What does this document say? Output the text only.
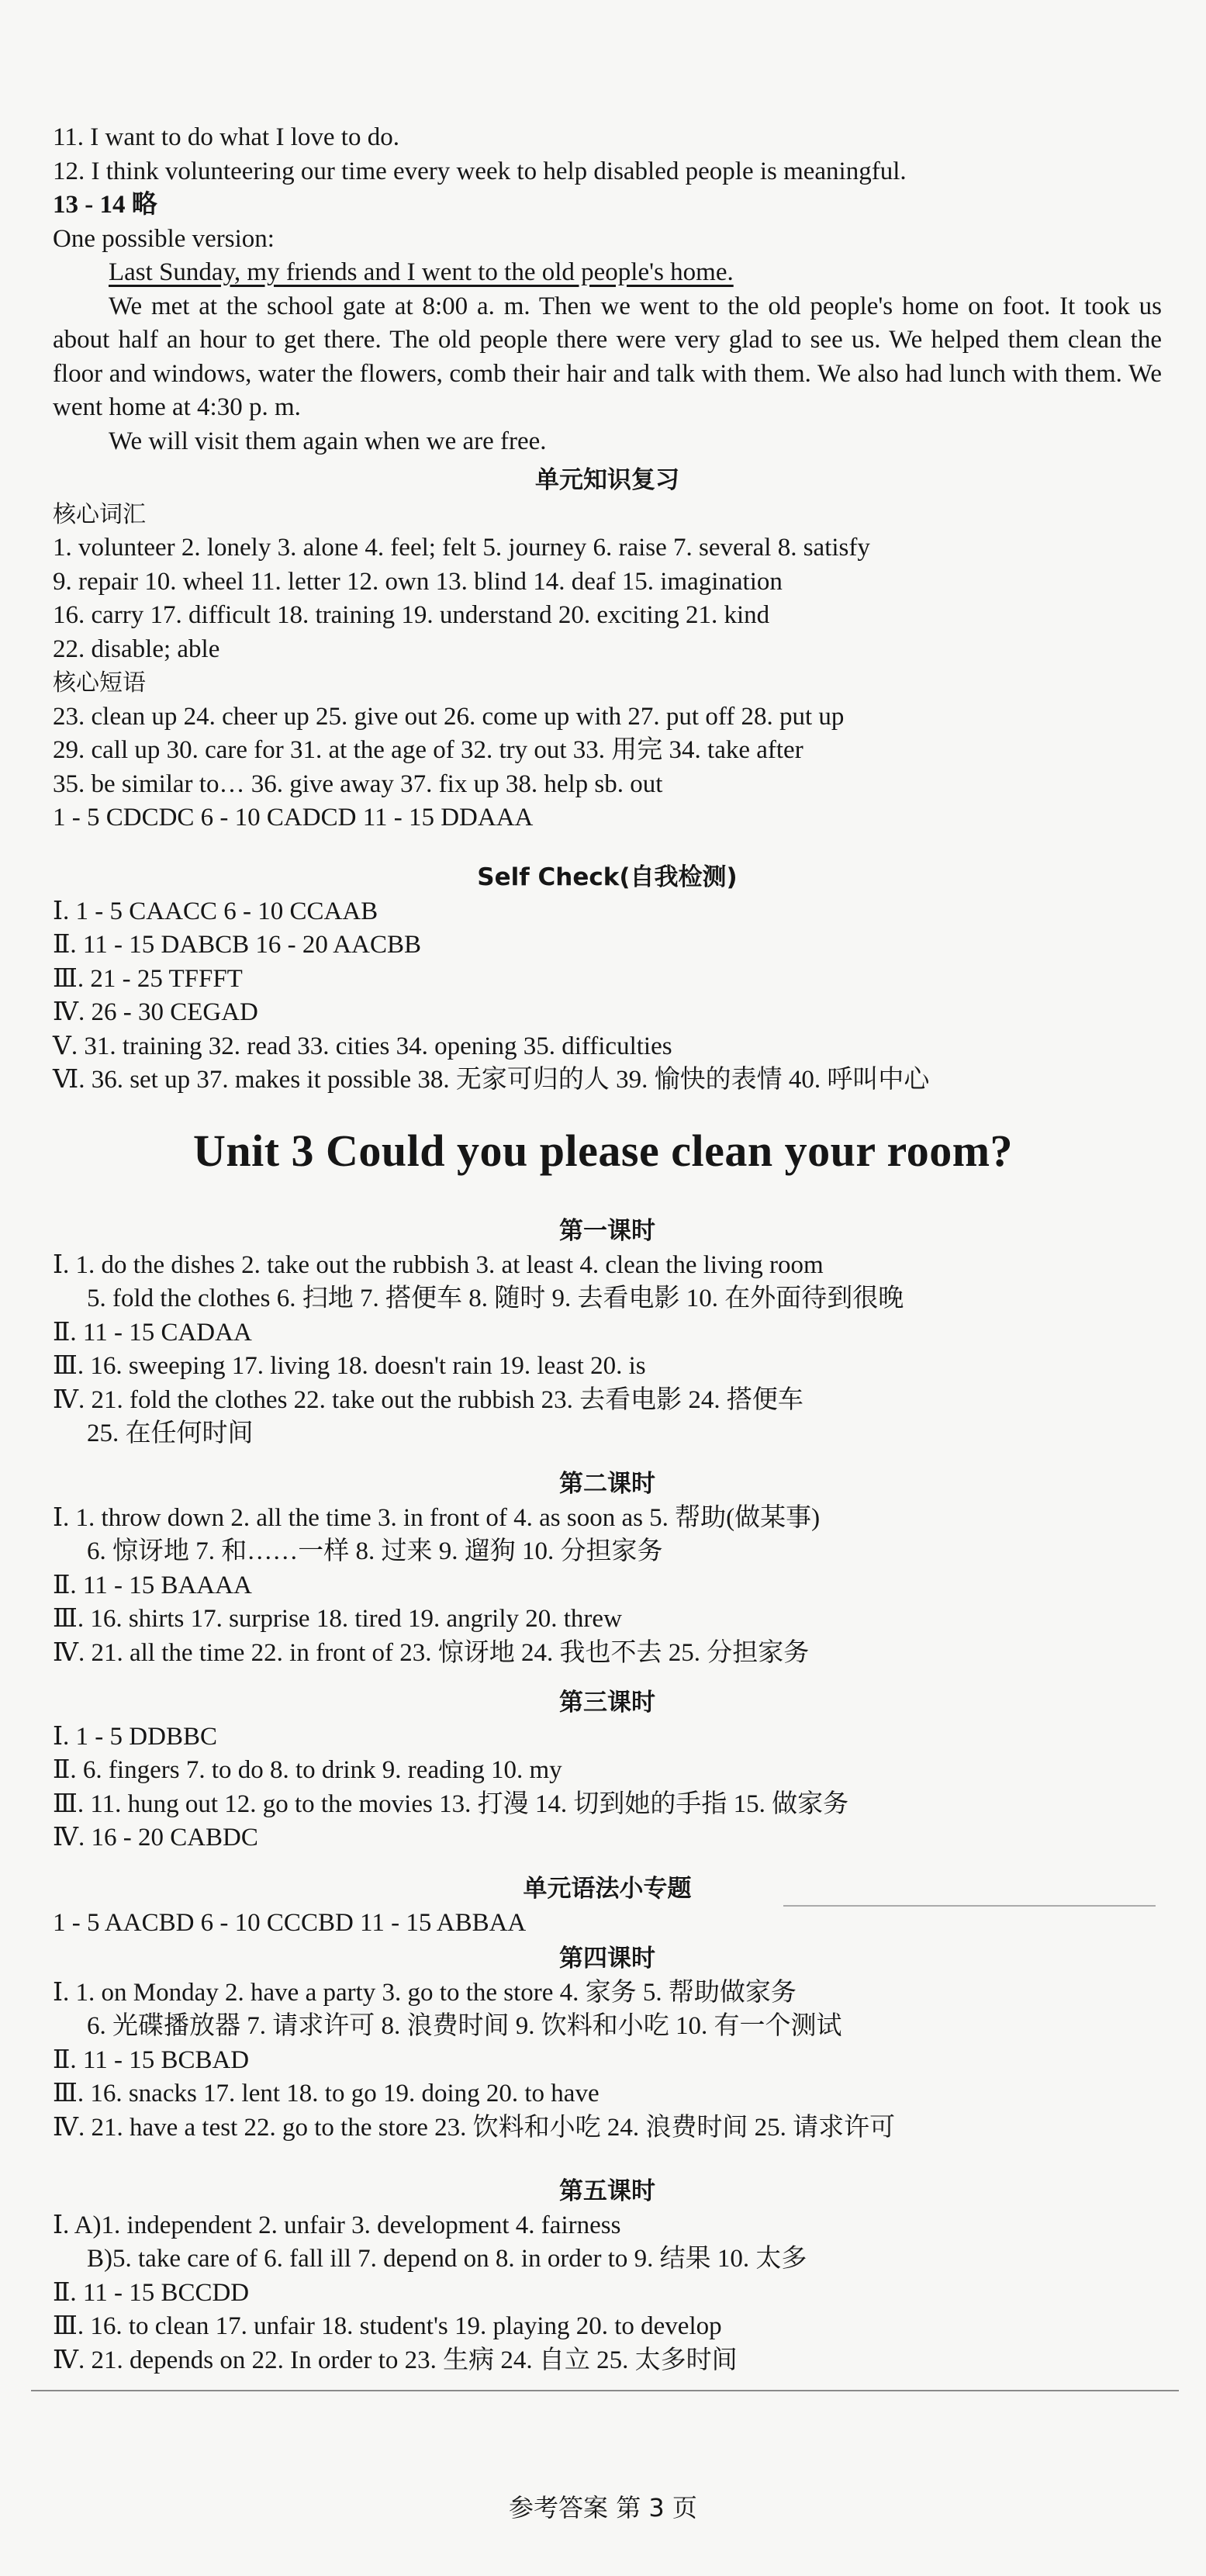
11. I want to do what I love to do.
12. I think volunteering our time every week to help disabled people is meaningful.
13 - 14 略
One possible version:
Last Sunday, my friends and I went to the old people's home.

We met at the school gate at 8:00 a. m. Then we went to the old people's home on foot. It took us about half an hour to get there. The old people there were very glad to see us. We helped them clean the floor and windows, water the flowers, comb their hair and talk with them. We also had lunch with them. We went home at 4:30 p. m.

We will visit them again when we are free.
单元知识复习
核心词汇
1. volunteer 2. lonely 3. alone 4. feel; felt 5. journey 6. raise 7. several 8. satisfy
9. repair 10. wheel 11. letter 12. own 13. blind 14. deaf 15. imagination
16. carry 17. difficult 18. training 19. understand 20. exciting 21. kind
22. disable; able
核心短语
23. clean up 24. cheer up 25. give out 26. come up with 27. put off 28. put up
29. call up 30. care for 31. at the age of 32. try out 33. 用完 34. take after
35. be similar to… 36. give away 37. fix up 38. help sb. out
1 - 5 CDCDC 6 - 10 CADCD 11 - 15 DDAAA
Self Check(自我检测)
Ⅰ. 1 - 5 CAACC 6 - 10 CCAAB
Ⅱ. 11 - 15 DABCB 16 - 20 AACBB
Ⅲ. 21 - 25 TFFFT
Ⅳ. 26 - 30 CEGAD
Ⅴ. 31. training 32. read 33. cities 34. opening 35. difficulties
Ⅵ. 36. set up 37. makes it possible 38. 无家可归的人 39. 愉快的表情 40. 呼叫中心
Unit 3 Could you please clean your room?
第一课时
Ⅰ. 1. do the dishes 2. take out the rubbish 3. at least 4. clean the living room
5. fold the clothes 6. 扫地 7. 搭便车 8. 随时 9. 去看电影 10. 在外面待到很晚
Ⅱ. 11 - 15 CADAA
Ⅲ. 16. sweeping 17. living 18. doesn't rain 19. least 20. is
Ⅳ. 21. fold the clothes 22. take out the rubbish 23. 去看电影 24. 搭便车
25. 在任何时间
第二课时
Ⅰ. 1. throw down 2. all the time 3. in front of 4. as soon as 5. 帮助(做某事)
6. 惊讶地 7. 和……一样 8. 过来 9. 遛狗 10. 分担家务
Ⅱ. 11 - 15 BAAAA
Ⅲ. 16. shirts 17. surprise 18. tired 19. angrily 20. threw
Ⅳ. 21. all the time 22. in front of 23. 惊讶地 24. 我也不去 25. 分担家务
第三课时
Ⅰ. 1 - 5 DDBBC
Ⅱ. 6. fingers 7. to do 8. to drink 9. reading 10. my
Ⅲ. 11. hung out 12. go to the movies 13. 打漫 14. 切到她的手指 15. 做家务
Ⅳ. 16 - 20 CABDC
单元语法小专题
1 - 5 AACBD 6 - 10 CCCBD 11 - 15 ABBAA
第四课时
Ⅰ. 1. on Monday 2. have a party 3. go to the store 4. 家务 5. 帮助做家务
6. 光碟播放器 7. 请求许可 8. 浪费时间 9. 饮料和小吃 10. 有一个测试
Ⅱ. 11 - 15 BCBAD
Ⅲ. 16. snacks 17. lent 18. to go 19. doing 20. to have
Ⅳ. 21. have a test 22. go to the store 23. 饮料和小吃 24. 浪费时间 25. 请求许可
第五课时
Ⅰ. A)1. independent 2. unfair 3. development 4. fairness
B)5. take care of 6. fall ill 7. depend on 8. in order to 9. 结果 10. 太多
Ⅱ. 11 - 15 BCCDD
Ⅲ. 16. to clean 17. unfair 18. student's 19. playing 20. to develop
Ⅳ. 21. depends on 22. In order to 23. 生病 24. 自立 25. 太多时间
参考答案 第 3 页
